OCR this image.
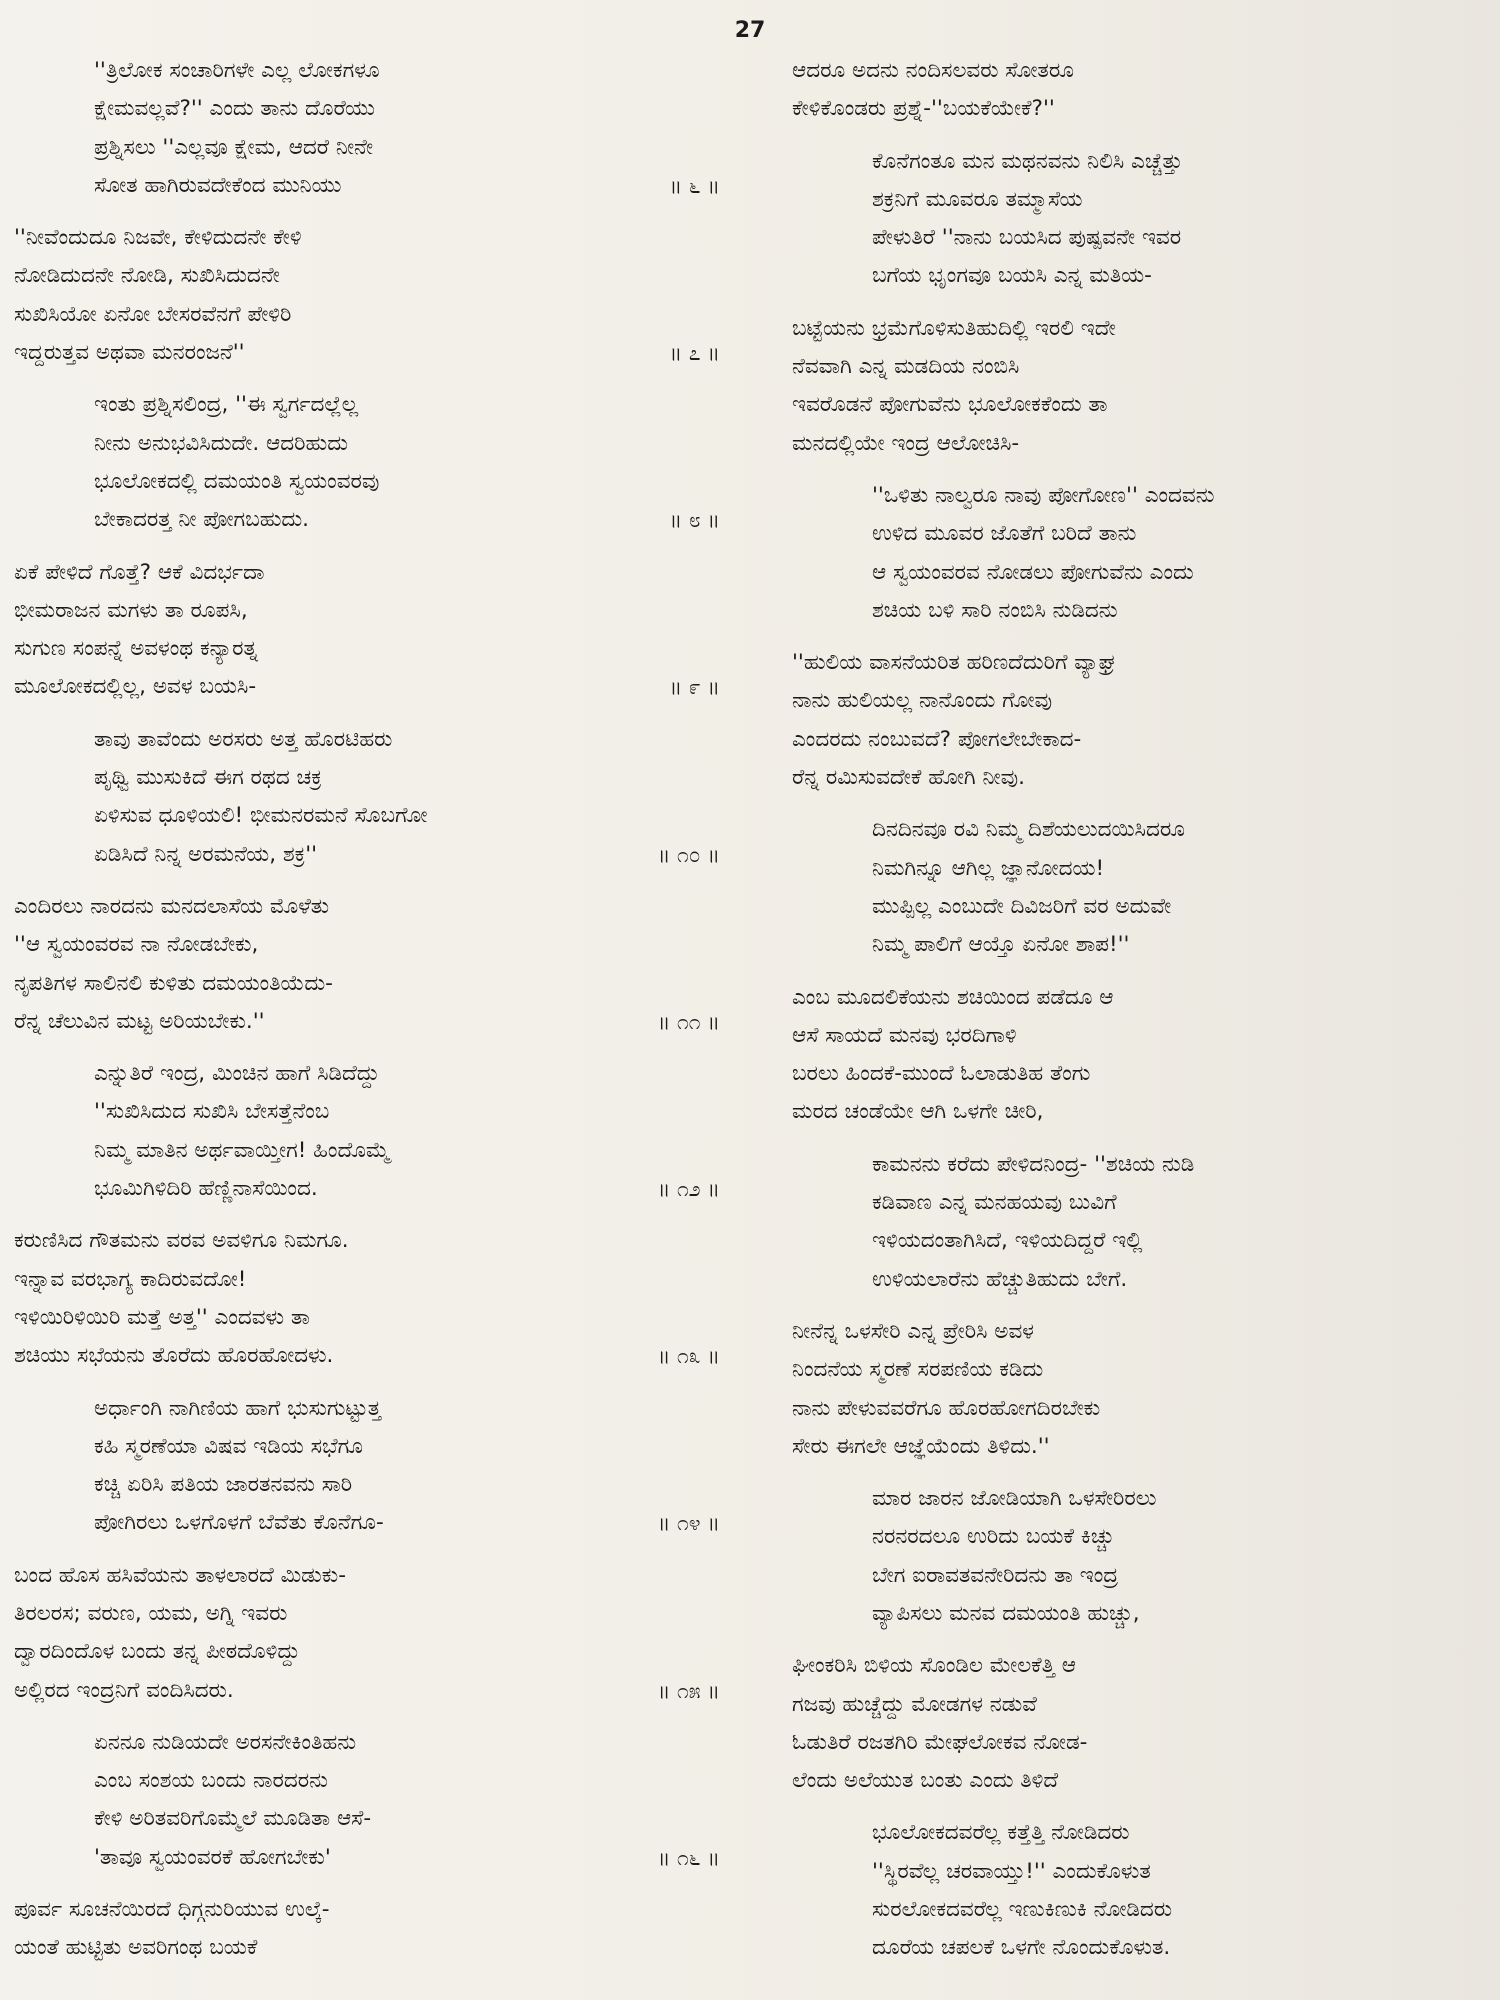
27
''ತ್ರಿಲೋಕ ಸಂಚಾರಿಗಳೇ ಎಲ್ಲ ಲೋಕಗಳೂ
ಕ್ಷೇಮವಲ್ಲವೆ?'' ಎಂದು ತಾನು ದೊರೆಯು
ಪ್ರಶ್ನಿಸಲು ''ಎಲ್ಲವೂ ಕ್ಷೇಮ, ಆದರೆ ನೀನೇ
ಸೋತ ಹಾಗಿರುವದೇಕೆಂದ ಮುನಿಯು	॥ ೬ ॥
''ನೀವೆಂದುದೂ ನಿಜವೇ, ಕೇಳಿದುದನೇ ಕೇಳಿ
ನೋಡಿದುದನೇ ನೋಡಿ, ಸುಖಿಸಿದುದನೇ
ಸುಖಿಸಿಯೋ ಏನೋ ಬೇಸರವೆನಗೆ ಪೇಳಿರಿ
ಇದ್ದರುತ್ತವ ಅಥವಾ ಮನರಂಜನೆ''	॥ ೭ ॥
ಇಂತು ಪ್ರಶ್ನಿಸಲಿಂದ್ರ, ''ಈ ಸ್ವರ್ಗದಲ್ಲೆಲ್ಲ
ನೀನು ಅನುಭವಿಸಿದುದೇ. ಆದರಿಹುದು
ಭೂಲೋಕದಲ್ಲಿ ದಮಯಂತಿ ಸ್ವಯಂವರವು
ಬೇಕಾದರತ್ತ ನೀ ಪೋಗಬಹುದು.	॥ ೮ ॥
ಏಕೆ ಪೇಳಿದೆ ಗೊತ್ತೆ? ಆಕೆ ವಿದರ್ಭದಾ
ಭೀಮರಾಜನ ಮಗಳು ತಾ ರೂಪಸಿ,
ಸುಗುಣ ಸಂಪನ್ನೆ ಅವಳಂಥ ಕನ್ಯಾರತ್ನ
ಮೂಲೋಕದಲ್ಲಿಲ್ಲ, ಅವಳ ಬಯಸಿ-	॥ ೯ ॥
ತಾವು ತಾವೆಂದು ಅರಸರು ಅತ್ತ ಹೊರಟಿಹರು
ಪೃಥ್ವಿ ಮುಸುಕಿದೆ ಈಗ ರಥದ ಚಕ್ರ
ಏಳಿಸುವ ಧೂಳಿಯಲಿ! ಭೀಮನರಮನೆ ಸೊಬಗೋ
ಏಡಿಸಿದೆ ನಿನ್ನ ಅರಮನೆಯ, ಶಕ್ರ''	॥ ೧೦ ॥
ಎಂದಿರಲು ನಾರದನು ಮನದಲಾಸೆಯ ಮೊಳೆತು
''ಆ ಸ್ವಯಂವರವ ನಾ ನೋಡಬೇಕು,
ನೃಪತಿಗಳ ಸಾಲಿನಲಿ ಕುಳಿತು ದಮಯಂತಿಯೆದು-
ರೆನ್ನ ಚೆಲುವಿನ ಮಟ್ಟ ಅರಿಯಬೇಕು.''	॥ ೧೧ ॥
ಎನ್ನುತಿರೆ ಇಂದ್ರ, ಮಿಂಚಿನ ಹಾಗೆ ಸಿಡಿದೆದ್ದು
''ಸುಖಿಸಿದುದ ಸುಖಿಸಿ ಬೇಸತ್ತೆನೆಂಬ
ನಿಮ್ಮ ಮಾತಿನ ಅರ್ಥವಾಯ್ತೀಗ! ಹಿಂದೊಮ್ಮೆ
ಭೂಮಿಗಿಳಿದಿರಿ ಹೆಣ್ಣಿನಾಸೆಯಿಂದ.	॥ ೧೨ ॥
ಕರುಣಿಸಿದ ಗೌತಮನು ವರವ ಅವಳಿಗೂ ನಿಮಗೂ.
ಇನ್ನಾವ ವರಭಾಗ್ಯ ಕಾದಿರುವದೋ!
ಇಳಿಯಿರಿಳಿಯಿರಿ ಮತ್ತೆ ಅತ್ತ'' ಎಂದವಳು ತಾ
ಶಚಿಯು ಸಭೆಯನು ತೊರೆದು ಹೊರಹೋದಳು.	॥ ೧೩ ॥
ಅರ್ಧಾಂಗಿ ನಾಗಿಣಿಯ ಹಾಗೆ ಭುಸುಗುಟ್ಟುತ್ತ
ಕಹಿ ಸ್ಮರಣೆಯಾ ವಿಷವ ಇಡಿಯ ಸಭೆಗೂ
ಕಚ್ಚಿ ಏರಿಸಿ ಪತಿಯ ಜಾರತನವನು ಸಾರಿ
ಪೋಗಿರಲು ಒಳಗೊಳಗೆ ಬೆವೆತು ಕೊನೆಗೂ-	॥ ೧೪ ॥
ಬಂದ ಹೊಸ ಹಸಿವೆಯನು ತಾಳಲಾರದೆ ಮಿಡುಕು-
ತಿರಲರಸ; ವರುಣ, ಯಮ, ಅಗ್ನಿ ಇವರು
ದ್ವಾರದಿಂದೊಳ ಬಂದು ತನ್ನ ಪೀಠದೊಳಿದ್ದು
ಅಲ್ಲಿರದ ಇಂದ್ರನಿಗೆ ವಂದಿಸಿದರು.	॥ ೧೫ ॥
ಏನನೂ ನುಡಿಯದೇ ಅರಸನೇಕಿಂತಿಹನು
ಎಂಬ ಸಂಶಯ ಬಂದು ನಾರದರನು
ಕೇಳಿ ಅರಿತವರಿಗೊಮ್ಮೆಲೆ ಮೂಡಿತಾ ಆಸೆ-
'ತಾವೂ ಸ್ವಯಂವರಕೆ ಹೋಗಬೇಕು'	॥ ೧೬ ॥
ಪೂರ್ವ ಸೂಚನೆಯಿರದೆ ಧಿಗ್ಗನುರಿಯುವ ಉಲ್ಕೆ-
ಯಂತೆ ಹುಟ್ಟಿತು ಅವರಿಗಂಥ ಬಯಕೆ
ಆದರೂ ಅದನು ನಂದಿಸಲವರು ಸೋತರೂ
ಕೇಳಿಕೊಂಡರು ಪ್ರಶ್ನೆ-''ಬಯಕೆಯೇಕೆ?''
ಕೊನೆಗಂತೂ ಮನ ಮಥನವನು ನಿಲಿಸಿ ಎಚ್ಚೆತ್ತು
ಶಕ್ರನಿಗೆ ಮೂವರೂ ತಮ್ಮಾಸೆಯ
ಪೇಳುತಿರೆ ''ನಾನು ಬಯಸಿದ ಪುಷ್ಪವನೇ ಇವರ
ಬಗೆಯ ಭೃಂಗವೂ ಬಯಸಿ ಎನ್ನ ಮತಿಯ-
ಬಟ್ಟೆಯನು ಭ್ರಮೆಗೊಳಿಸುತಿಹುದಿಲ್ಲಿ ಇರಲಿ ಇದೇ
ನೆವವಾಗಿ ಎನ್ನ ಮಡದಿಯ ನಂಬಿಸಿ
ಇವರೊಡನೆ ಪೋಗುವೆನು ಭೂಲೋಕಕೆಂದು ತಾ
ಮನದಲ್ಲಿಯೇ ಇಂದ್ರ ಆಲೋಚಿಸಿ-
''ಒಳಿತು ನಾಲ್ವರೂ ನಾವು ಪೋಗೋಣ'' ಎಂದವನು
ಉಳಿದ ಮೂವರ ಜೊತೆಗೆ ಬರಿದೆ ತಾನು
ಆ ಸ್ವಯಂವರವ ನೋಡಲು ಪೋಗುವೆನು ಎಂದು
ಶಚಿಯ ಬಳಿ ಸಾರಿ ನಂಬಿಸಿ ನುಡಿದನು
''ಹುಲಿಯ ವಾಸನೆಯರಿತ ಹರಿಣದೆದುರಿಗೆ ವ್ಯಾಘ್ರ
ನಾನು ಹುಲಿಯಲ್ಲ ನಾನೊಂದು ಗೋವು
ಎಂದರದು ನಂಬುವದೆ? ಪೋಗಲೇಬೇಕಾದ-
ರೆನ್ನ ರಮಿಸುವದೇಕೆ ಹೋಗಿ ನೀವು.
ದಿನದಿನವೂ ರವಿ ನಿಮ್ಮ ದಿಶೆಯಲುದಯಿಸಿದರೂ
ನಿಮಗಿನ್ನೂ ಆಗಿಲ್ಲ ಜ್ಞಾನೋದಯ!
ಮುಪ್ಪಿಲ್ಲ ಎಂಬುದೇ ದಿವಿಜರಿಗೆ ವರ ಅದುವೇ
ನಿಮ್ಮ ಪಾಲಿಗೆ ಆಯ್ತೊ ಏನೋ ಶಾಪ!''
ಎಂಬ ಮೂದಲಿಕೆಯನು ಶಚಿಯಿಂದ ಪಡೆದೂ ಆ
ಆಸೆ ಸಾಯದೆ ಮನವು ಭರದಿಗಾಳಿ
ಬರಲು ಹಿಂದಕೆ-ಮುಂದೆ ಓಲಾಡುತಿಹ ತೆಂಗು
ಮರದ ಚಂಡೆಯೇ ಆಗಿ ಒಳಗೇ ಚೀರಿ,
ಕಾಮನನು ಕರೆದು ಪೇಳಿದನಿಂದ್ರ- ''ಶಚಿಯ ನುಡಿ
ಕಡಿವಾಣ ಎನ್ನ ಮನಹಯವು ಬುವಿಗೆ
ಇಳಿಯದಂತಾಗಿಸಿದೆ, ಇಳಿಯದಿದ್ದರೆ ಇಲ್ಲಿ
ಉಳಿಯಲಾರೆನು ಹೆಚ್ಚುತಿಹುದು ಬೇಗೆ.
ನೀನೆನ್ನ ಒಳಸೇರಿ ಎನ್ನ ಪ್ರೇರಿಸಿ ಅವಳ
ನಿಂದನೆಯ ಸ್ಮರಣೆ ಸರಪಣಿಯ ಕಡಿದು
ನಾನು ಪೇಳುವವರೆಗೂ ಹೊರಹೋಗದಿರಬೇಕು
ಸೇರು ಈಗಲೇ ಆಜ್ಞೆಯೆಂದು ತಿಳಿದು.''
ಮಾರ ಜಾರನ ಜೋಡಿಯಾಗಿ ಒಳಸೇರಿರಲು
ನರನರದಲೂ ಉರಿದು ಬಯಕೆ ಕಿಚ್ಚು
ಬೇಗ ಐರಾವತವನೇರಿದನು ತಾ ಇಂದ್ರ
ವ್ಯಾಪಿಸಲು ಮನವ ದಮಯಂತಿ ಹುಚ್ಚು,
ಘೀಂಕರಿಸಿ ಬಿಳಿಯ ಸೊಂಡಿಲ ಮೇಲಕೆತ್ತಿ ಆ
ಗಜವು ಹುಚ್ಚೆದ್ದು ಮೋಡಗಳ ನಡುವೆ
ಓಡುತಿರೆ ರಜತಗಿರಿ ಮೇಘಲೋಕವ ನೋಡ-
ಲೆಂದು ಅಲೆಯುತ ಬಂತು ಎಂದು ತಿಳಿದೆ
ಭೂಲೋಕದವರೆಲ್ಲ ಕತ್ತೆತ್ತಿ ನೋಡಿದರು
''ಸ್ಥಿರವೆಲ್ಲ ಚರವಾಯ್ತು!'' ಎಂದುಕೊಳುತ
ಸುರಲೋಕದವರೆಲ್ಲ ಇಣುಕಿಣುಕಿ ನೋಡಿದರು
ದೂರೆಯ ಚಪಲಕೆ ಒಳಗೇ ನೊಂದುಕೊಳುತ.
